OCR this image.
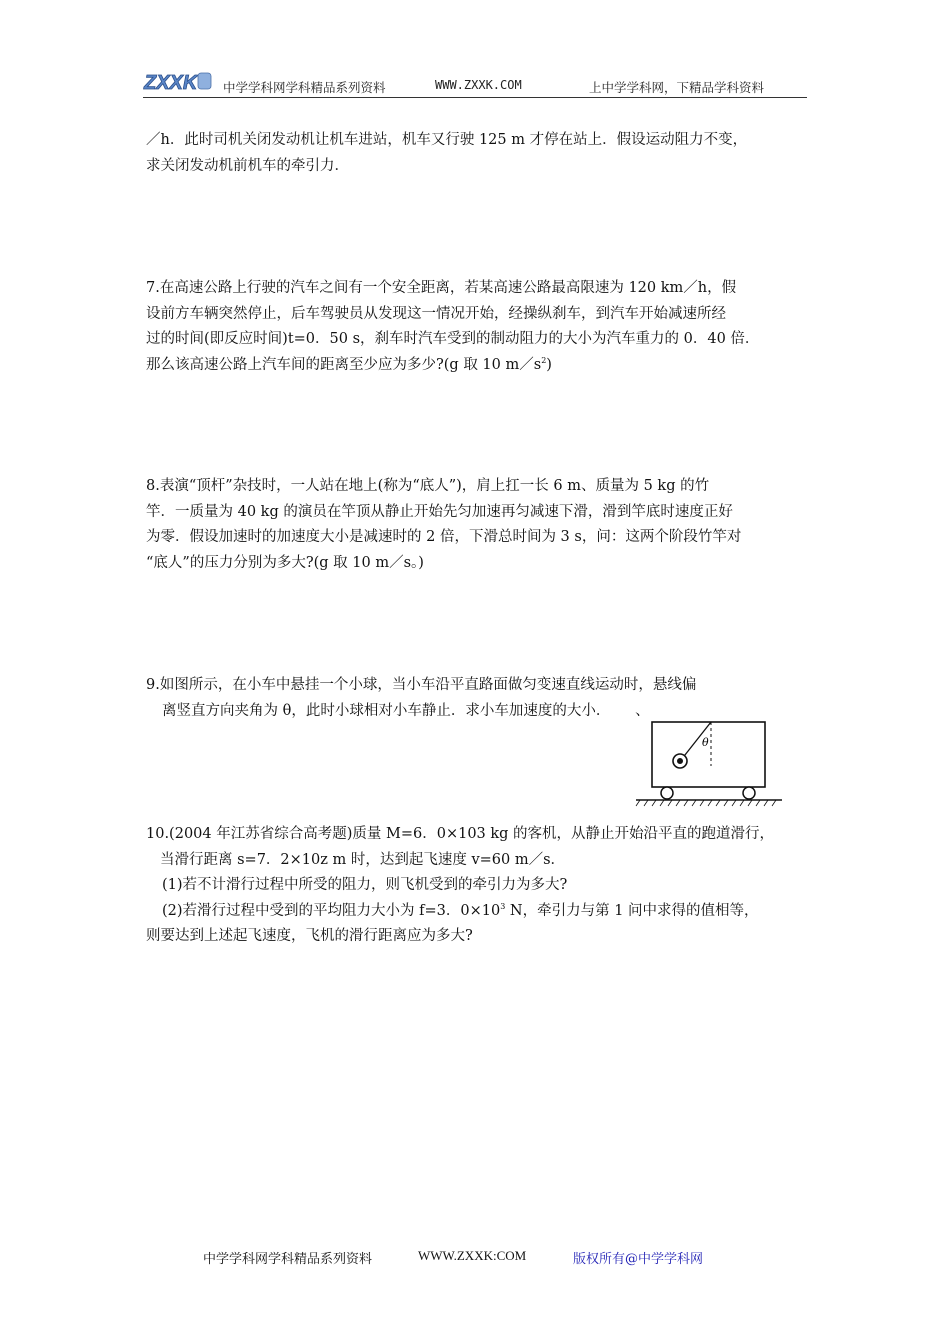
ZXXK 中学学科网学科精品系列资料	WWW.ZXXK.COM	上中学学科网，下精品学科资料
／h．此时司机关闭发动机让机车进站，机车又行驶 125 m 才停在站上．假设运动阻力不变，
求关闭发动机前机车的牵引力．
7.在高速公路上行驶的汽车之间有一个安全距离，若某高速公路最高限速为 120 km／h，假
设前方车辆突然停止，后车驾驶员从发现这一情况开始，经操纵刹车，到汽车开始减速所经
过的时间(即反应时间)t=0．50 s，刹车时汽车受到的制动阻力的大小为汽车重力的 0．40 倍．
那么该高速公路上汽车间的距离至少应为多少?(g 取 10 $m/s^2$)
8.表演“顶杆”杂技时，一人站在地上(称为“底人”)，肩上扛一长 6 m、质量为 5 kg 的竹
竿．一质量为 40 kg 的演员在竿顶从静止开始先匀加速再匀减速下滑，滑到竿底时速度正好
为零．假设加速时的加速度大小是减速时的 2 倍，下滑总时间为 3 s，问：这两个阶段竹竿对
“底人”的压力分别为多大?(g 取 10 m／s。)
9.如图所示，在小车中悬挂一个小球，当小车沿平直路面做匀变速直线运动时，悬线偏
离竖直方向夹角为 θ，此时小球相对小车静止．求小车加速度的大小． 、
θ
10.(2004 年江苏省综合高考题)质量 M=6．0×103 kg 的客机，从静止开始沿平直的跑道滑行，
当滑行距离 s=7．2×10z m 时，达到起飞速度 v=60 m／s．
(1)若不计滑行过程中所受的阻力，则飞机受到的牵引力为多大?
(2)若滑行过程中受到的平均阻力大小为 f=3．$0\times 10^3$ N，牵引力与第 1 问中求得的值相等，
则要达到上述起飞速度，飞机的滑行距离应为多大?
中学学科网学科精品系列资料	WWW.ZXXK:COM	版权所有@中学学科网
